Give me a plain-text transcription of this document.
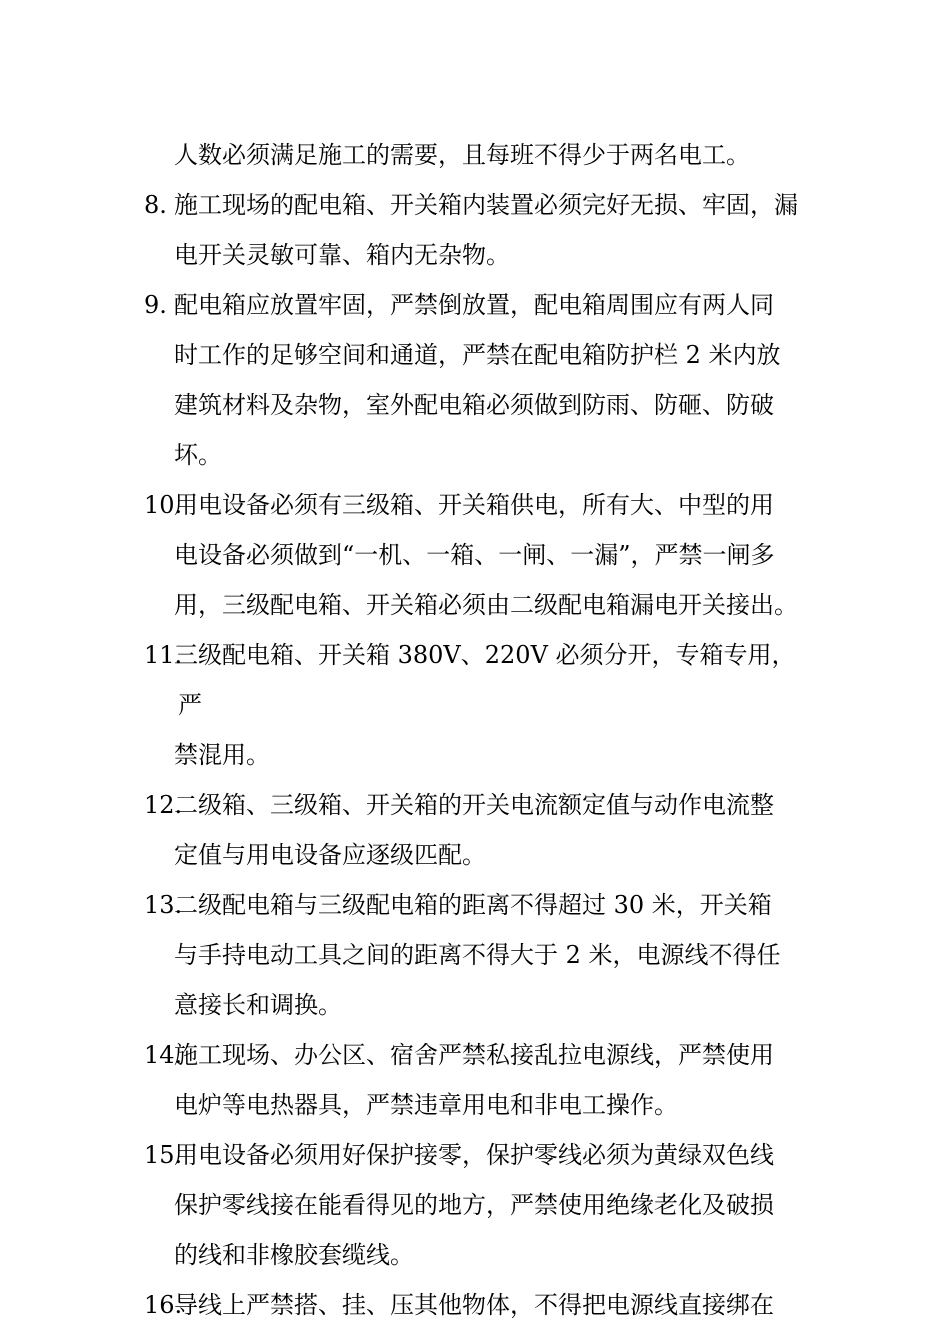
人数必须满足施工的需要，且每班不得少于两名电工。

8. 施工现场的配电箱、开关箱内装置必须完好无损、牢固，漏

电开关灵敏可靠、箱内无杂物。

9. 配电箱应放置牢固，严禁倒放置，配电箱周围应有两人同

时工作的足够空间和通道，严禁在配电箱防护栏 2 米内放

建筑材料及杂物，室外配电箱必须做到防雨、防砸、防破坏。

10.

用电设备必须有三级箱、开关箱供电，所有大、中型的用

电设备必须做到“一机、一箱、一闸、一漏”，严禁一闸多

用，三级配电箱、开关箱必须由二级配电箱漏电开关接出。

11.

三级配电箱、开关箱 380V、220V 必须分开，专箱专用，严

禁混用。

12.

二级箱、三级箱、开关箱的开关电流额定值与动作电流整

定值与用电设备应逐级匹配。

13.

二级配电箱与三级配电箱的距离不得超过 30 米，开关箱

与手持电动工具之间的距离不得大于 2 米，电源线不得任

意接长和调换。

14.

施工现场、办公区、宿舍严禁私接乱拉电源线，严禁使用

电炉等电热器具，严禁违章用电和非电工操作。

15.

用电设备必须用好保护接零，保护零线必须为黄绿双色线

保护零线接在能看得见的地方，严禁使用绝缘老化及破损

的线和非橡胶套缆线。

16.

导线上严禁搭、挂、压其他物体，不得把电源线直接绑在
